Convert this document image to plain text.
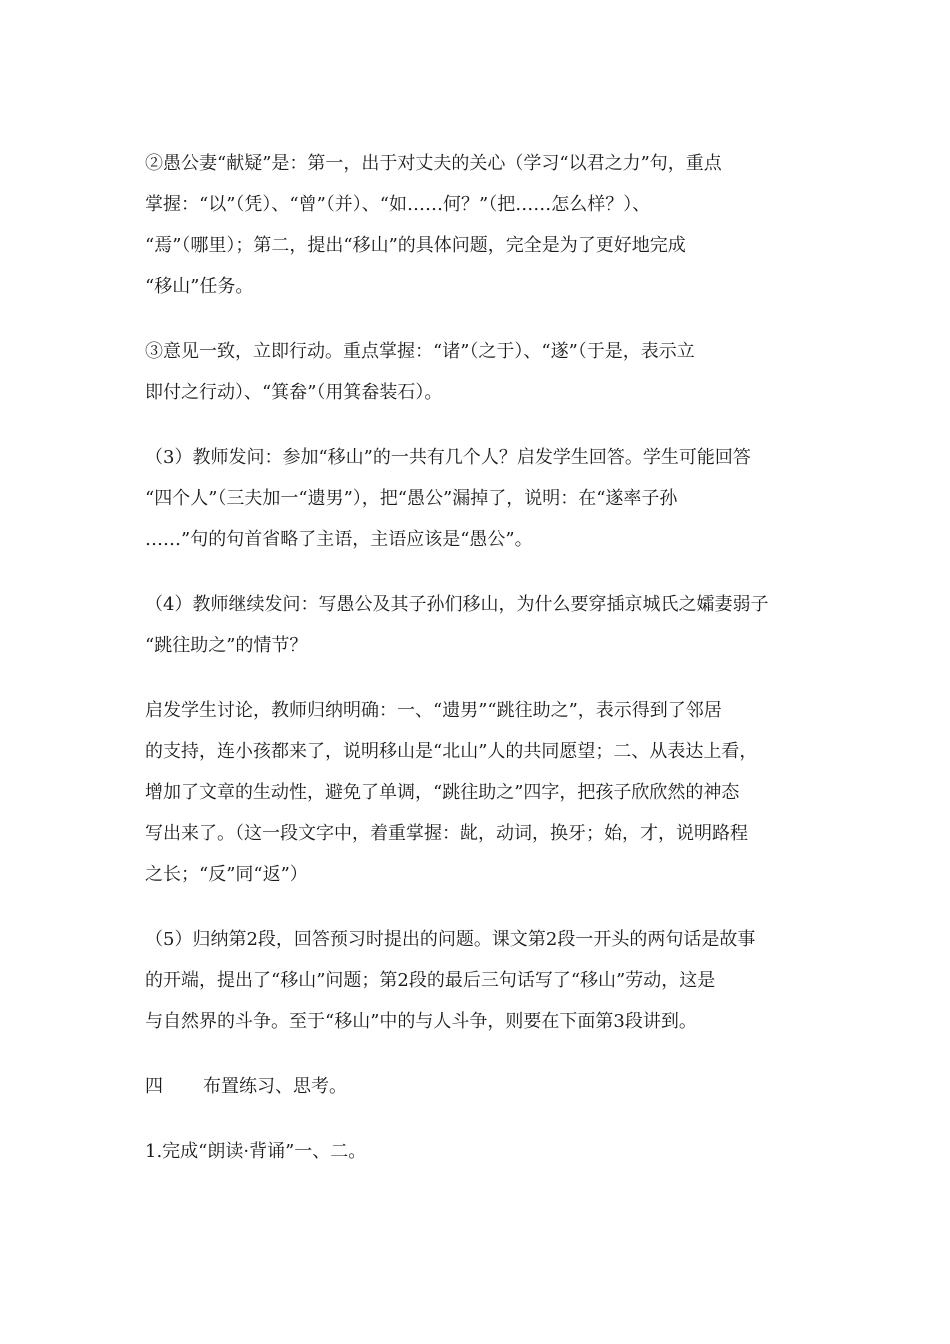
②愚公妻“献疑”是：第一，出于对丈夫的关心（学习“以君之力”句，重点
掌握：“以”（凭）、“曾”（并）、“如……何？”（把……怎么样？）、
“焉”（哪里）；第二，提出“移山”的具体问题，完全是为了更好地完成
“移山”任务。

③意见一致，立即行动。重点掌握：“诸”（之于）、“遂”（于是，表示立
即付之行动）、“箕畚”（用箕畚装石）。

（3）教师发问：参加“移山”的一共有几个人？启发学生回答。学生可能回答
“四个人”（三夫加一“遗男”），把“愚公”漏掉了，说明：在“遂率子孙
……”句的句首省略了主语，主语应该是“愚公”。

（4）教师继续发问：写愚公及其子孙们移山，为什么要穿插京城氏之孀妻弱子
“跳往助之”的情节？

启发学生讨论，教师归纳明确：一、“遗男”“跳往助之”，表示得到了邻居
的支持，连小孩都来了，说明移山是“北山”人的共同愿望；二、从表达上看，
增加了文章的生动性，避免了单调，“跳往助之”四字，把孩子欣欣然的神态
写出来了。（这一段文字中，着重掌握：龀，动词，换牙；始，才，说明路程
之长；“反”同“返”）

（5）归纳第2段，回答预习时提出的问题。课文第2段一开头的两句话是故事
的开端，提出了“移山”问题；第2段的最后三句话写了“移山”劳动，这是
与自然界的斗争。至于“移山”中的与人斗争，则要在下面第3段讲到。

四 布置练习、思考。

1.完成“朗读·背诵”一、二。
